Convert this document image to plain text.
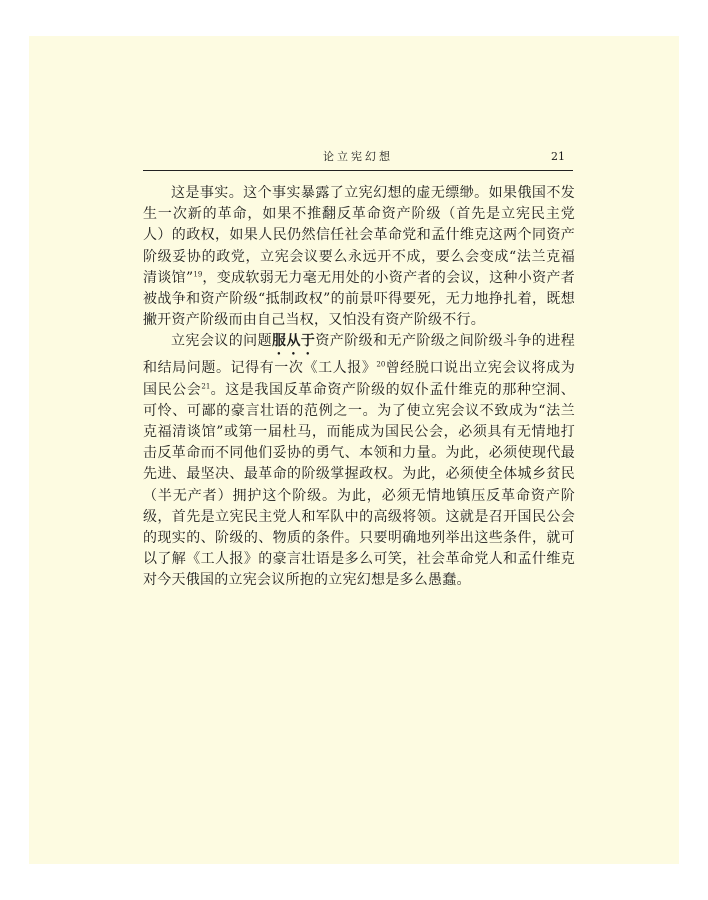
论立宪幻想	21

这是事实。这个事实暴露了立宪幻想的虚无缥缈。如果俄国不发生一次新的革命，如果不推翻反革命资产阶级（首先是立宪民主党人）的政权，如果人民仍然信任社会革命党和孟什维克这两个同资产阶级妥协的政党，立宪会议要么永远开不成，要么会变成“法兰克福清谈馆”$^{19}$，变成软弱无力毫无用处的小资产者的会议，这种小资产者被战争和资产阶级“抵制政权”的前景吓得要死，无力地挣扎着，既想撇开资产阶级而由自己当权，又怕没有资产阶级不行。

立宪会议的问题服从于资产阶级和无产阶级之间阶级斗争的进程和结局问题。记得有一次《工人报》$^{20}$曾经脱口说出立宪会议将成为国民公会$^{21}$。这是我国反革命资产阶级的奴仆孟什维克的那种空洞、可怜、可鄙的豪言壮语的范例之一。为了使立宪会议不致成为“法兰克福清谈馆”或第一届杜马，而能成为国民公会，必须具有无情地打击反革命而不同他们妥协的勇气、本领和力量。为此，必须使现代最先进、最坚决、最革命的阶级掌握政权。为此，必须使全体城乡贫民（半无产者）拥护这个阶级。为此，必须无情地镇压反革命资产阶级，首先是立宪民主党人和军队中的高级将领。这就是召开国民公会的现实的、阶级的、物质的条件。只要明确地列举出这些条件，就可以了解《工人报》的豪言壮语是多么可笑，社会革命党人和孟什维克对今天俄国的立宪会议所抱的立宪幻想是多么愚蠢。
